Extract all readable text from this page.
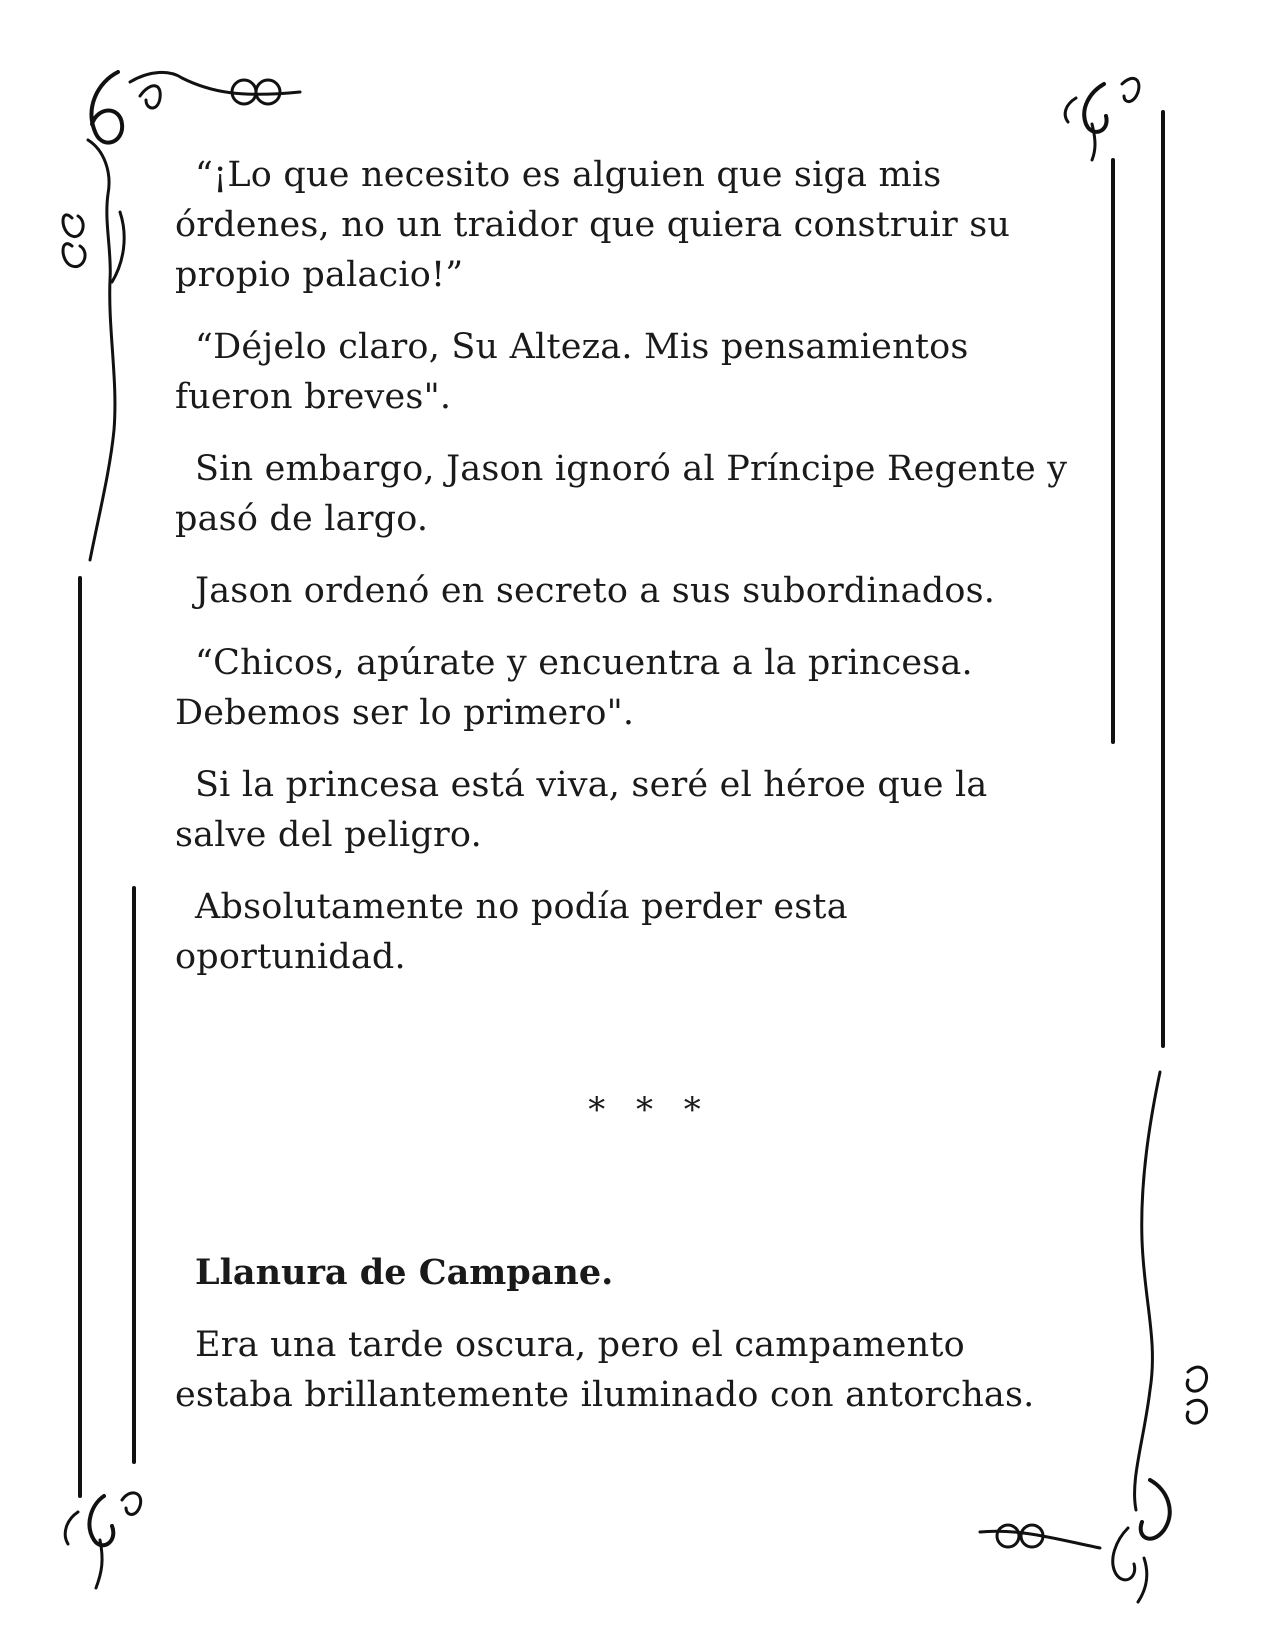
“¡Lo que necesito es alguien que siga mis órdenes, no un traidor que quiera construir su propio palacio!”

“Déjelo claro, Su Alteza. Mis pensamientos fueron breves".

Sin embargo, Jason ignoró al Príncipe Regente y pasó de largo.

Jason ordenó en secreto a sus subordinados.

“Chicos, apúrate y encuentra a la princesa. Debemos ser lo primero".

Si la princesa está viva, seré el héroe que la salve del peligro.

Absolutamente no podía perder esta oportunidad.

* * *

Llanura de Campane.

Era una tarde oscura, pero el campamento estaba brillantemente iluminado con antorchas.
